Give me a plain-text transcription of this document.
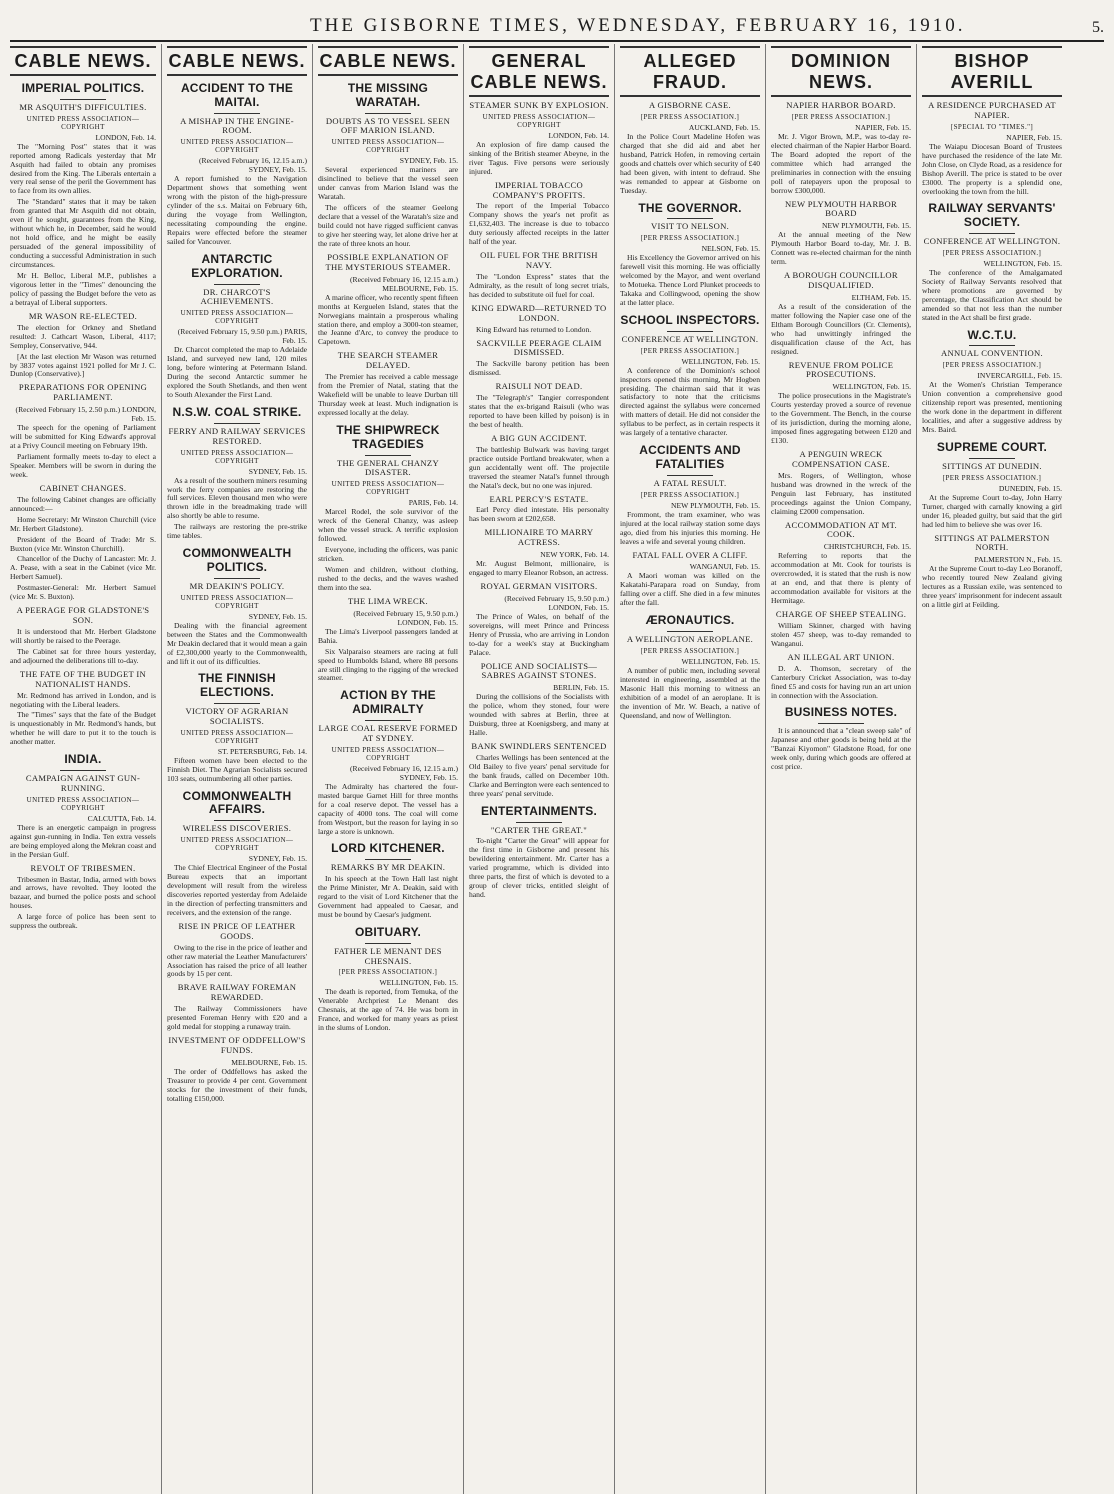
THE GISBORNE TIMES, WEDNESDAY, FEBRUARY 16, 1910.	5.
CABLE NEWS.
IMPERIAL POLITICS.
MR ASQUITH'S DIFFICULTIES.
UNITED PRESS ASSOCIATION—COPYRIGHT
LONDON, Feb. 14.

The "Morning Post" states that it was reported among Radicals yesterday that Mr Asquith had failed to obtain any promises desired from the King. The Liberals entertain a very real sense of the peril the Government has to face from its own allies.

The "Standard" states that it may be taken from granted that Mr Asquith did not obtain, even if he sought, guarantees from the King, without which he, in December, said he would not hold office, and he might be easily persuaded of the general impossibility of conducting a successful Administration in such circumstances.

Mr H. Belloc, Liberal M.P., publishes a vigorous letter in the "Times" denouncing the policy of passing the Budget before the veto as a betrayal of Liberal supporters.

MR WASON RE-ELECTED.

The election for Orkney and Shetland resulted: J. Cathcart Wason, Liberal, 4117; Sempley, Conservative, 944.

[At the last election Mr Wason was returned by 3837 votes against 1921 polled for Mr J. C. Dunlop (Conservative).]

PREPARATIONS FOR OPENING PARLIAMENT.
(Received February 15, 2.50 p.m.) LONDON, Feb. 15.

The speech for the opening of Parliament will be submitted for King Edward's approval at a Privy Council meeting on February 19th.

Parliament formally meets to-day to elect a Speaker. Members will be sworn in during the week.

CABINET CHANGES.

The following Cabinet changes are officially announced:—

Home Secretary: Mr Winston Churchill (vice Mr. Herbert Gladstone).

President of the Board of Trade: Mr S. Buxton (vice Mr. Winston Churchill).

Chancellor of the Duchy of Lancaster: Mr. J. A. Pease, with a seat in the Cabinet (vice Mr. Herbert Samuel).

Postmaster-General: Mr. Herbert Samuel (vice Mr. S. Buxton).

A PEERAGE FOR GLADSTONE'S SON.

It is understood that Mr. Herbert Gladstone will shortly be raised to the Peerage.

The Cabinet sat for three hours yesterday, and adjourned the deliberations till to-day.

THE FATE OF THE BUDGET IN NATIONALIST HANDS.

Mr. Redmond has arrived in London, and is negotiating with the Liberal leaders.

The "Times" says that the fate of the Budget is unquestionably in Mr. Redmond's hands, but whether he will dare to put it to the touch is another matter.

INDIA.
CAMPAIGN AGAINST GUN-RUNNING.
UNITED PRESS ASSOCIATION—COPYRIGHT
CALCUTTA, Feb. 14.

There is an energetic campaign in progress against gun-running in India. Ten extra vessels are being employed along the Mekran coast and in the Persian Gulf.

REVOLT OF TRIBESMEN.

Tribesmen in Bastar, India, armed with bows and arrows, have revolted. They looted the bazaar, and burned the police posts and school houses.

A large force of police has been sent to suppress the outbreak.

CABLE NEWS.
ACCIDENT TO THE MAITAI.
A MISHAP IN THE ENGINE-ROOM.
UNITED PRESS ASSOCIATION—COPYRIGHT
(Received February 16, 12.15 a.m.) SYDNEY, Feb. 15.

A report furnished to the Navigation Department shows that something went wrong with the piston of the high-pressure cylinder of the s.s. Maitai on February 6th, during the voyage from Wellington, necessitating compounding the engine. Repairs were effected before the steamer sailed for Vancouver.

ANTARCTIC EXPLORATION.
DR. CHARCOT'S ACHIEVEMENTS.
UNITED PRESS ASSOCIATION—COPYRIGHT
(Received February 15, 9.50 p.m.) PARIS, Feb. 15.

Dr. Charcot completed the map to Adelaide Island, and surveyed new land, 120 miles long, before wintering at Petermann Island. During the second Antarctic summer he explored the South Shetlands, and then went to South Alexander the First Land.

N.S.W. COAL STRIKE.
FERRY AND RAILWAY SERVICES RESTORED.
UNITED PRESS ASSOCIATION—COPYRIGHT
SYDNEY, Feb. 15.

As a result of the southern miners resuming work the ferry companies are restoring the full services. Eleven thousand men who were thrown idle in the breadmaking trade will also shortly be able to resume.

The railways are restoring the pre-strike time tables.

COMMONWEALTH POLITICS.
MR DEAKIN'S POLICY.
UNITED PRESS ASSOCIATION—COPYRIGHT
SYDNEY, Feb. 15.

Dealing with the financial agreement between the States and the Commonwealth Mr Deakin declared that it would mean a gain of £2,300,000 yearly to the Commonwealth, and lift it out of its difficulties.

THE FINNISH ELECTIONS.
VICTORY OF AGRARIAN SOCIALISTS.
UNITED PRESS ASSOCIATION—COPYRIGHT
ST. PETERSBURG, Feb. 14.

Fifteen women have been elected to the Finnish Diet. The Agrarian Socialists secured 103 seats, outnumbering all other parties.

COMMONWEALTH AFFAIRS.
WIRELESS DISCOVERIES.
UNITED PRESS ASSOCIATION—COPYRIGHT
SYDNEY, Feb. 15.

The Chief Electrical Engineer of the Postal Bureau expects that an important development will result from the wireless discoveries reported yesterday from Adelaide in the direction of perfecting transmitters and receivers, and the extension of the range.

RISE IN PRICE OF LEATHER GOODS.

Owing to the rise in the price of leather and other raw material the Leather Manufacturers' Association has raised the price of all leather goods by 15 per cent.

BRAVE RAILWAY FOREMAN REWARDED.

The Railway Commissioners have presented Foreman Henry with £20 and a gold medal for stopping a runaway train.

INVESTMENT OF ODDFELLOW'S FUNDS.
MELBOURNE, Feb. 15.

The order of Oddfellows has asked the Treasurer to provide 4 per cent. Government stocks for the investment of their funds, totalling £150,000.

CABLE NEWS.
THE MISSING WARATAH.
DOUBTS AS TO VESSEL SEEN OFF MARION ISLAND.
UNITED PRESS ASSOCIATION—COPYRIGHT
SYDNEY, Feb. 15.

Several experienced mariners are disinclined to believe that the vessel seen under canvas from Marion Island was the Waratah.

The officers of the steamer Geelong declare that a vessel of the Waratah's size and build could not have rigged sufficient canvas to give her steering way, let alone drive her at the rate of three knots an hour.

POSSIBLE EXPLANATION OF THE MYSTERIOUS STEAMER.
(Received February 16, 12.15 a.m.) MELBOURNE, Feb. 15.

A marine officer, who recently spent fifteen months at Kerguelen Island, states that the Norwegians maintain a prosperous whaling station there, and employ a 3000-ton steamer, the Jeanne d'Arc, to convey the produce to Capetown.

THE SEARCH STEAMER DELAYED.

The Premier has received a cable message from the Premier of Natal, stating that the Wakefield will be unable to leave Durban till Thursday week at least. Much indignation is expressed locally at the delay.

THE SHIPWRECK TRAGEDIES
THE GENERAL CHANZY DISASTER.
UNITED PRESS ASSOCIATION—COPYRIGHT
PARIS, Feb. 14.

Marcel Rodel, the sole survivor of the wreck of the General Chanzy, was asleep when the vessel struck. A terrific explosion followed.

Everyone, including the officers, was panic stricken.

Women and children, without clothing, rushed to the decks, and the waves washed them into the sea.

THE LIMA WRECK.
(Received February 15, 9.50 p.m.) LONDON, Feb. 15.

The Lima's Liverpool passengers landed at Bahia.

Six Valparaiso steamers are racing at full speed to Humbolds Island, where 88 persons are still clinging to the rigging of the wrecked steamer.

ACTION BY THE ADMIRALTY
LARGE COAL RESERVE FORMED AT SYDNEY.
UNITED PRESS ASSOCIATION—COPYRIGHT
(Received February 16, 12.15 a.m.) SYDNEY, Feb. 15.

The Admiralty has chartered the four-masted barque Garnet Hill for three months for a coal reserve depot. The vessel has a capacity of 4000 tons. The coal will come from Westport, but the reason for laying in so large a store is unknown.

LORD KITCHENER.
REMARKS BY MR DEAKIN.

In his speech at the Town Hall last night the Prime Minister, Mr A. Deakin, said with regard to the visit of Lord Kitchener that the Government had appealed to Caesar, and must be bound by Caesar's judgment.

OBITUARY.
FATHER LE MENANT DES CHESNAIS.
[PER PRESS ASSOCIATION.]
WELLINGTON, Feb. 15.

The death is reported, from Temuka, of the Venerable Archpriest Le Menant des Chesnais, at the age of 74. He was born in France, and worked for many years as priest in the slums of London.

GENERAL CABLE NEWS.
STEAMER SUNK BY EXPLOSION.
UNITED PRESS ASSOCIATION—COPYRIGHT
LONDON, Feb. 14.

An explosion of fire damp caused the sinking of the British steamer Abeyne, in the river Tagus. Five persons were seriously injured.

IMPERIAL TOBACCO COMPANY'S PROFITS.

The report of the Imperial Tobacco Company shows the year's net profit as £1,632,403. The increase is due to tobacco duty seriously affected receipts in the latter half of the year.

OIL FUEL FOR THE BRITISH NAVY.

The "London Express" states that the Admiralty, as the result of long secret trials, has decided to substitute oil fuel for coal.

KING EDWARD—RETURNED TO LONDON.

King Edward has returned to London.

SACKVILLE PEERAGE CLAIM DISMISSED.

The Sackville barony petition has been dismissed.

RAISULI NOT DEAD.

The "Telegraph's" Tangier correspondent states that the ex-brigand Raisuli (who was reported to have been killed by poison) is in the best of health.

A BIG GUN ACCIDENT.

The battleship Bulwark was having target practice outside Portland breakwater, when a gun accidentally went off. The projectile traversed the steamer Natal's funnel through the Natal's deck, but no one was injured.

EARL PERCY'S ESTATE.

Earl Percy died intestate. His personalty has been sworn at £202,658.

MILLIONAIRE TO MARRY ACTRESS.
NEW YORK, Feb. 14.

Mr. August Belmont, millionaire, is engaged to marry Eleanor Robson, an actress.

ROYAL GERMAN VISITORS.
(Received February 15, 9.50 p.m.) LONDON, Feb. 15.

The Prince of Wales, on behalf of the sovereigns, will meet Prince and Princess Henry of Prussia, who are arriving in London to-day for a week's stay at Buckingham Palace.

POLICE AND SOCIALISTS—SABRES AGAINST STONES.
BERLIN, Feb. 15.

During the collisions of the Socialists with the police, whom they stoned, four were wounded with sabres at Berlin, three at Duisburg, three at Koenigsberg, and many at Halle.

BANK SWINDLERS SENTENCED

Charles Wellings has been sentenced at the Old Bailey to five years' penal servitude for the bank frauds, called on December 10th. Clarke and Berrington were each sentenced to three years' penal servitude.

ENTERTAINMENTS.
"CARTER THE GREAT."

To-night "Carter the Great" will appear for the first time in Gisborne and present his bewildering entertainment. Mr. Carter has a varied programme, which is divided into three parts, the first of which is devoted to a group of clever tricks, entitled sleight of hand.

ALLEGED FRAUD.
A GISBORNE CASE.
[PER PRESS ASSOCIATION.]
AUCKLAND, Feb. 15.

In the Police Court Madeline Hofen was charged that she did aid and abet her husband, Patrick Hofen, in removing certain goods and chattels over which security of £40 had been given, with intent to defraud. She was remanded to appear at Gisborne on Tuesday.

THE GOVERNOR.
VISIT TO NELSON.
[PER PRESS ASSOCIATION.]
NELSON, Feb. 15.

His Excellency the Governor arrived on his farewell visit this morning. He was officially welcomed by the Mayor, and went overland to Motueka. Thence Lord Plunket proceeds to Takaka and Collingwood, opening the show at the latter place.

SCHOOL INSPECTORS.
CONFERENCE AT WELLINGTON.
[PER PRESS ASSOCIATION.]
WELLINGTON, Feb. 15.

A conference of the Dominion's school inspectors opened this morning, Mr Hogben presiding. The chairman said that it was satisfactory to note that the criticisms directed against the syllabus were concerned with matters of detail. He did not consider the syllabus to be perfect, as in certain respects it was largely of a tentative character.

ACCIDENTS AND FATALITIES
A FATAL RESULT.
[PER PRESS ASSOCIATION.]
NEW PLYMOUTH, Feb. 15.

Frommont, the tram examiner, who was injured at the local railway station some days ago, died from his injuries this morning. He leaves a wife and several young children.

FATAL FALL OVER A CLIFF.
WANGANUI, Feb. 15.

A Maori woman was killed on the Kakatahi-Parapara road on Sunday, from falling over a cliff. She died in a few minutes after the fall.

ÆRONAUTICS.
A WELLINGTON AEROPLANE.
[PER PRESS ASSOCIATION.]
WELLINGTON, Feb. 15.

A number of public men, including several interested in engineering, assembled at the Masonic Hall this morning to witness an exhibition of a model of an aeroplane. It is the invention of Mr. W. Beach, a native of Queensland, and now of Wellington.

DOMINION NEWS.
NAPIER HARBOR BOARD.
[PER PRESS ASSOCIATION.]
NAPIER, Feb. 15.

Mr. J. Vigor Brown, M.P., was to-day re-elected chairman of the Napier Harbor Board. The Board adopted the report of the committee which had arranged the preliminaries in connection with the ensuing poll of ratepayers upon the proposal to borrow £300,000.

NEW PLYMOUTH HARBOR BOARD
NEW PLYMOUTH, Feb. 15.

At the annual meeting of the New Plymouth Harbor Board to-day, Mr. J. B. Connett was re-elected chairman for the ninth term.

A BOROUGH COUNCILLOR DISQUALIFIED.
ELTHAM, Feb. 15.

As a result of the consideration of the matter following the Napier case one of the Eltham Borough Councillors (Cr. Clements), who had unwittingly infringed the disqualification clause of the Act, has resigned.

REVENUE FROM POLICE PROSECUTIONS.
WELLINGTON, Feb. 15.

The police prosecutions in the Magistrate's Courts yesterday proved a source of revenue to the Government. The Bench, in the course of its jurisdiction, during the morning alone, imposed fines aggregating between £120 and £130.

A PENGUIN WRECK COMPENSATION CASE.

Mrs. Rogers, of Wellington, whose husband was drowned in the wreck of the Penguin last February, has instituted proceedings against the Union Company, claiming £2000 compensation.

ACCOMMODATION AT MT. COOK.
CHRISTCHURCH, Feb. 15.

Referring to reports that the accommodation at Mt. Cook for tourists is overcrowded, it is stated that the rush is now at an end, and that there is plenty of accommodation available for visitors at the Hermitage.

CHARGE OF SHEEP STEALING.

William Skinner, charged with having stolen 457 sheep, was to-day remanded to Wanganui.

AN ILLEGAL ART UNION.

D. A. Thomson, secretary of the Canterbury Cricket Association, was to-day fined £5 and costs for having run an art union in connection with the Association.

BUSINESS NOTES.

It is announced that a "clean sweep sale" of Japanese and other goods is being held at the "Banzai Kiyomon" Gladstone Road, for one week only, during which goods are offered at cost price.

BISHOP AVERILL
A RESIDENCE PURCHASED AT NAPIER.
[SPECIAL TO "TIMES."]
NAPIER, Feb. 15.

The Waiapu Diocesan Board of Trustees have purchased the residence of the late Mr. John Close, on Clyde Road, as a residence for Bishop Averill. The price is stated to be over £3000. The property is a splendid one, overlooking the town from the hill.

RAILWAY SERVANTS' SOCIETY.
CONFERENCE AT WELLINGTON.
[PER PRESS ASSOCIATION.]
WELLINGTON, Feb. 15.

The conference of the Amalgamated Society of Railway Servants resolved that where promotions are governed by percentage, the Classification Act should be amended so that not less than the number stated in the Act shall be first grade.

W.C.T.U.
ANNUAL CONVENTION.
[PER PRESS ASSOCIATION.]
INVERCARGILL, Feb. 15.

At the Women's Christian Temperance Union convention a comprehensive good citizenship report was presented, mentioning the work done in the department in different localities, and after a suggestive address by Mrs. Baird.

SUPREME COURT.
SITTINGS AT DUNEDIN.
[PER PRESS ASSOCIATION.]
DUNEDIN, Feb. 15.

At the Supreme Court to-day, John Harry Turner, charged with carnally knowing a girl under 16, pleaded guilty, but said that the girl had led him to believe she was over 16.

SITTINGS AT PALMERSTON NORTH.
PALMERSTON N., Feb. 15.

At the Supreme Court to-day Leo Boranoff, who recently toured New Zealand giving lectures as a Russian exile, was sentenced to three years' imprisonment for indecent assault on a little girl at Feilding.
